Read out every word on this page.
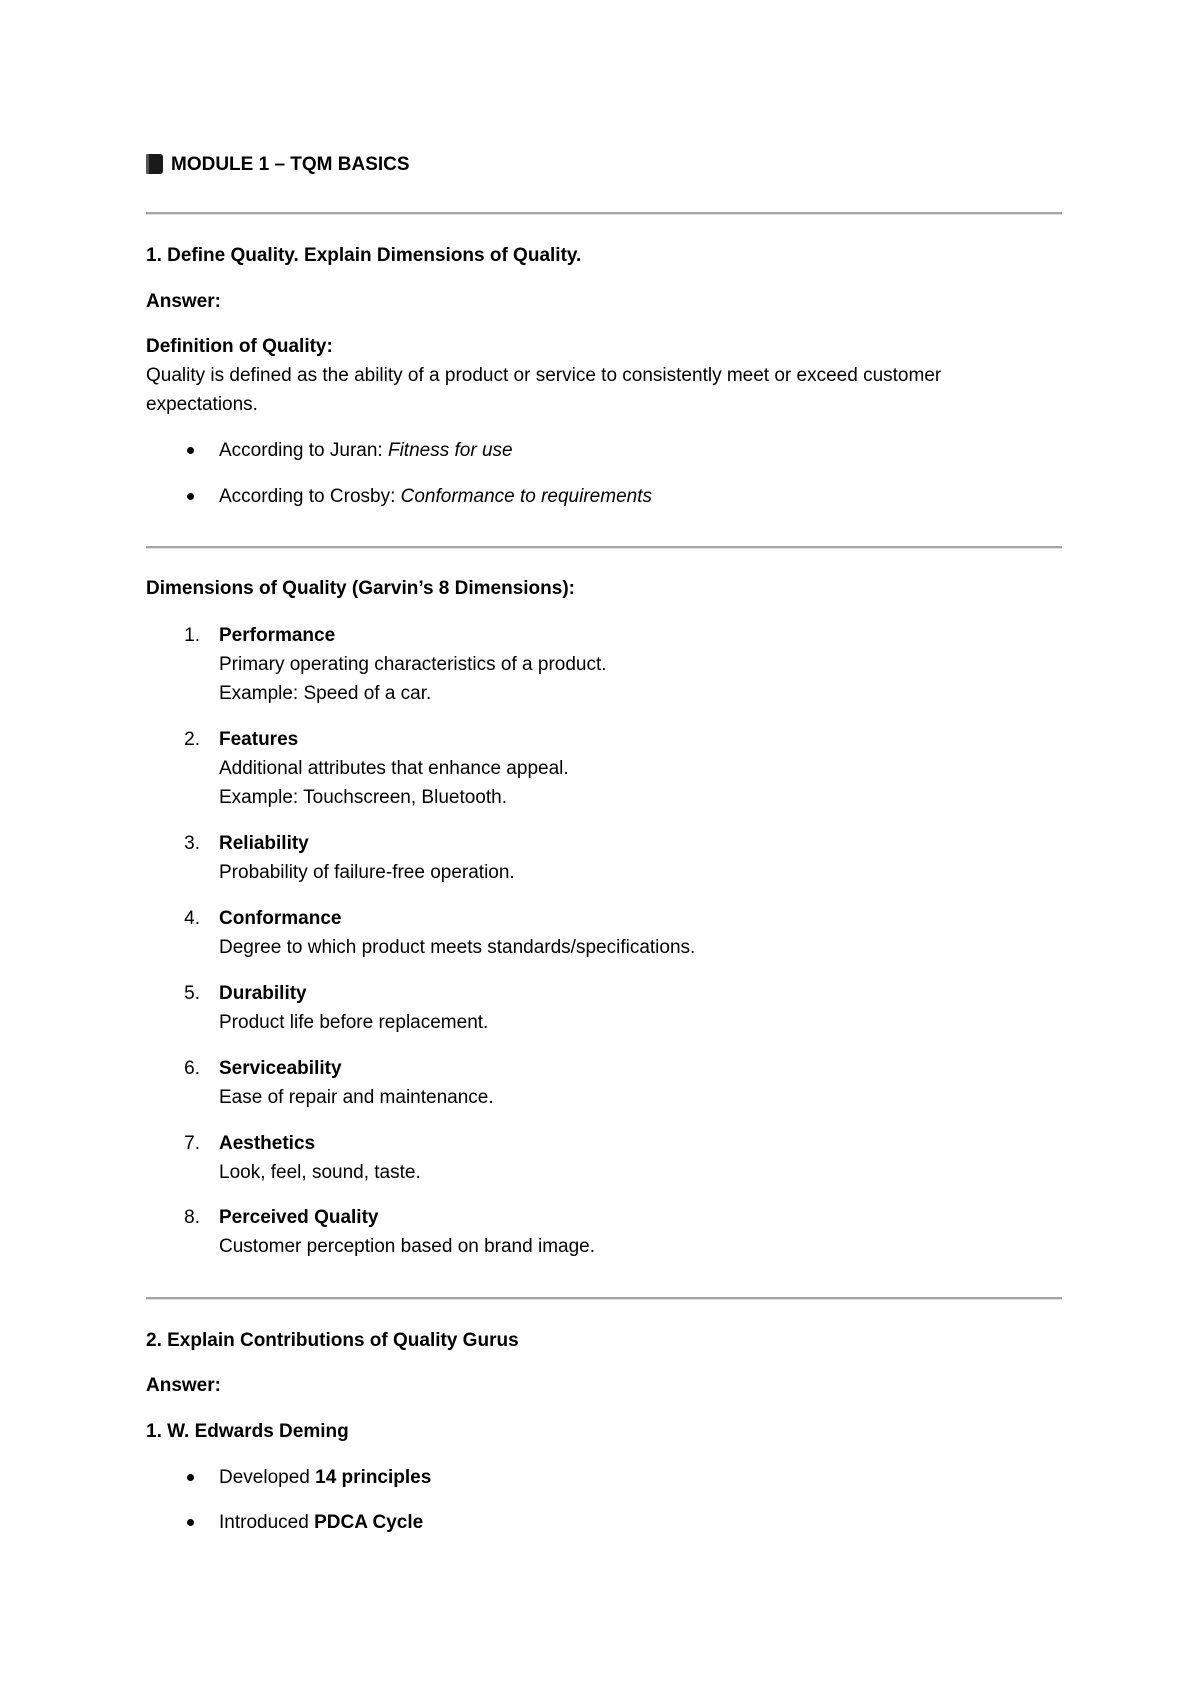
MODULE 1 – TQM BASICS
1. Define Quality. Explain Dimensions of Quality.
Answer:
Definition of Quality:
Quality is defined as the ability of a product or service to consistently meet or exceed customer
expectations.
According to Juran: Fitness for use
According to Crosby: Conformance to requirements
Dimensions of Quality (Garvin’s 8 Dimensions):
1. Performance
Primary operating characteristics of a product.
Example: Speed of a car.
2. Features
Additional attributes that enhance appeal.
Example: Touchscreen, Bluetooth.
3. Reliability
Probability of failure-free operation.
4. Conformance
Degree to which product meets standards/specifications.
5. Durability
Product life before replacement.
6. Serviceability
Ease of repair and maintenance.
7. Aesthetics
Look, feel, sound, taste.
8. Perceived Quality
Customer perception based on brand image.
2. Explain Contributions of Quality Gurus
Answer:
1. W. Edwards Deming
Developed 14 principles
Introduced PDCA Cycle
